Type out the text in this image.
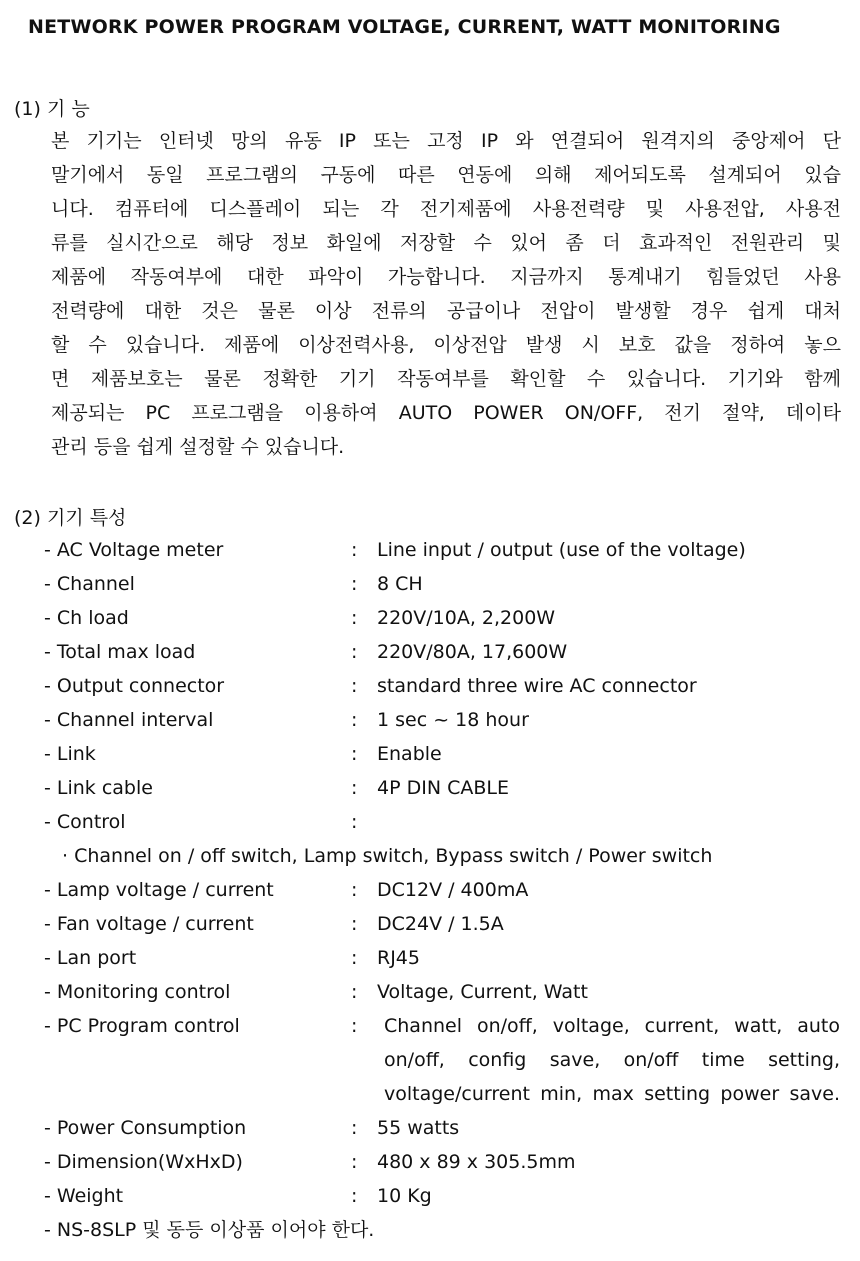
NETWORK POWER PROGRAM VOLTAGE, CURRENT, WATT MONITORING
(1) 기 능
본 기기는 인터넷 망의 유동 IP 또는 고정 IP 와 연결되어 원격지의 중앙제어 단
말기에서 동일 프로그램의 구동에 따른 연동에 의해 제어되도록 설계되어 있습
니다. 컴퓨터에 디스플레이 되는 각 전기제품에 사용전력량 및 사용전압, 사용전
류를 실시간으로 해당 정보 화일에 저장할 수 있어 좀 더 효과적인 전원관리 및
제품에 작동여부에 대한 파악이 가능합니다. 지금까지 통계내기 힘들었던 사용
전력량에 대한 것은 물론 이상 전류의 공급이나 전압이 발생할 경우 쉽게 대처
할 수 있습니다. 제품에 이상전력사용, 이상전압 발생 시 보호 값을 정하여 놓으
면 제품보호는 물론 정확한 기기 작동여부를 확인할 수 있습니다. 기기와 함께
제공되는 PC 프로그램을 이용하여 AUTO POWER ON/OFF, 전기 절약, 데이타
관리 등을 쉽게 설정할 수 있습니다.
(2) 기기 특성
- AC Voltage meter	: Line input / output (use of the voltage)
- Channel	: 8 CH
- Ch load	: 220V/10A, 2,200W
- Total max load	: 220V/80A, 17,600W
- Output connector	: standard three wire AC connector
- Channel interval	: 1 sec ~ 18 hour
- Link	: Enable
- Link cable	: 4P DIN CABLE
- Control	:
· Channel on / off switch, Lamp switch, Bypass switch / Power switch
- Lamp voltage / current	: DC12V / 400mA
- Fan voltage / current	: DC24V / 1.5A
- Lan port	: RJ45
- Monitoring control	: Voltage, Current, Watt
- PC Program control	: Channel on/off, voltage, current, watt, auto
on/off, config save, on/off time setting,
voltage/current min, max setting power save.
- Power Consumption	: 55 watts
- Dimension(WxHxD)	: 480 x 89 x 305.5mm
- Weight	: 10 Kg
- NS-8SLP 및 동등 이상품 이어야 한다.
